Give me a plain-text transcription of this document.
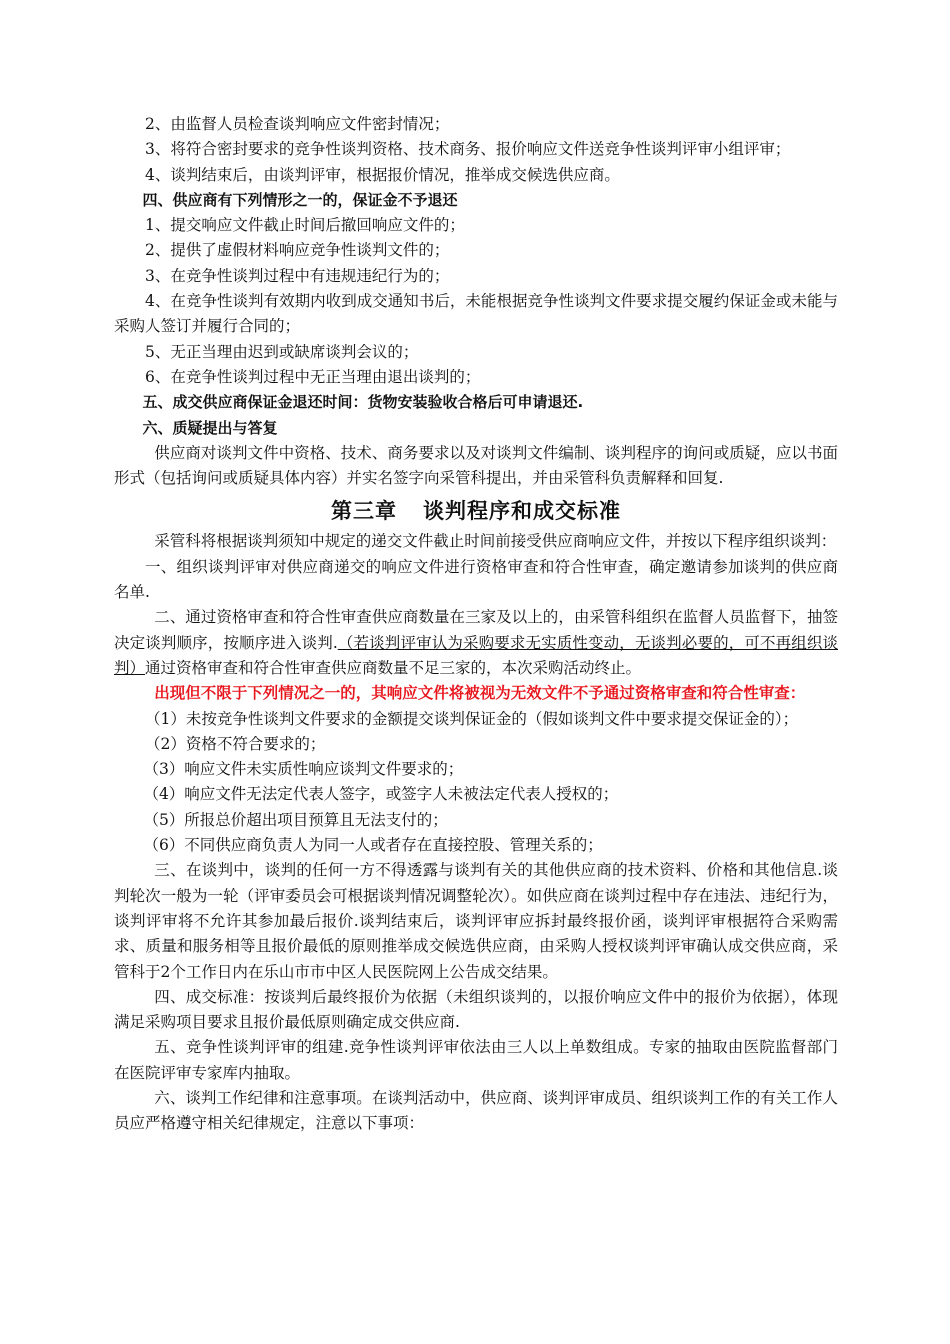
2、由监督人员检查谈判响应文件密封情况；

3、将符合密封要求的竞争性谈判资格、技术商务、报价响应文件送竞争性谈判评审小组评审；

4、谈判结束后，由谈判评审，根据报价情况，推举成交候选供应商。

四、供应商有下列情形之一的，保证金不予退还

1、提交响应文件截止时间后撤回响应文件的；

2、提供了虚假材料响应竞争性谈判文件的；

3、在竞争性谈判过程中有违规违纪行为的；

4、在竞争性谈判有效期内收到成交通知书后，未能根据竞争性谈判文件要求提交履约保证金或未能与采购人签订并履行合同的；

5、无正当理由迟到或缺席谈判会议的；

6、在竞争性谈判过程中无正当理由退出谈判的；

五、成交供应商保证金退还时间：货物安装验收合格后可申请退还.

六、质疑提出与答复

供应商对谈判文件中资格、技术、商务要求以及对谈判文件编制、谈判程序的询问或质疑，应以书面形式（包括询问或质疑具体内容）并实名签字向采管科提出，并由采管科负责解释和回复.

第三章 谈判程序和成交标准

采管科将根据谈判须知中规定的递交文件截止时间前接受供应商响应文件，并按以下程序组织谈判：

一、组织谈判评审对供应商递交的响应文件进行资格审查和符合性审查，确定邀请参加谈判的供应商名单.

二、通过资格审查和符合性审查供应商数量在三家及以上的，由采管科组织在监督人员监督下，抽签决定谈判顺序，按顺序进入谈判.（若谈判评审认为采购要求无实质性变动，无谈判必要的，可不再组织谈判）通过资格审查和符合性审查供应商数量不足三家的，本次采购活动终止。

出现但不限于下列情况之一的，其响应文件将被视为无效文件不予通过资格审查和符合性审查：

（1）未按竞争性谈判文件要求的金额提交谈判保证金的（假如谈判文件中要求提交保证金的）；

（2）资格不符合要求的；

（3）响应文件未实质性响应谈判文件要求的；

（4）响应文件无法定代表人签字，或签字人未被法定代表人授权的；

（5）所报总价超出项目预算且无法支付的；

（6）不同供应商负责人为同一人或者存在直接控股、管理关系的；

三、在谈判中，谈判的任何一方不得透露与谈判有关的其他供应商的技术资料、价格和其他信息.谈判轮次一般为一轮（评审委员会可根据谈判情况调整轮次）。如供应商在谈判过程中存在违法、违纪行为，谈判评审将不允许其参加最后报价.谈判结束后，谈判评审应拆封最终报价函，谈判评审根据符合采购需求、质量和服务相等且报价最低的原则推举成交候选供应商，由采购人授权谈判评审确认成交供应商，采管科于2个工作日内在乐山市市中区人民医院网上公告成交结果。

四、成交标准：按谈判后最终报价为依据（未组织谈判的，以报价响应文件中的报价为依据），体现满足采购项目要求且报价最低原则确定成交供应商.

五、竞争性谈判评审的组建.竞争性谈判评审依法由三人以上单数组成。专家的抽取由医院监督部门在医院评审专家库内抽取。

六、谈判工作纪律和注意事项。在谈判活动中，供应商、谈判评审成员、组织谈判工作的有关工作人员应严格遵守相关纪律规定，注意以下事项：
